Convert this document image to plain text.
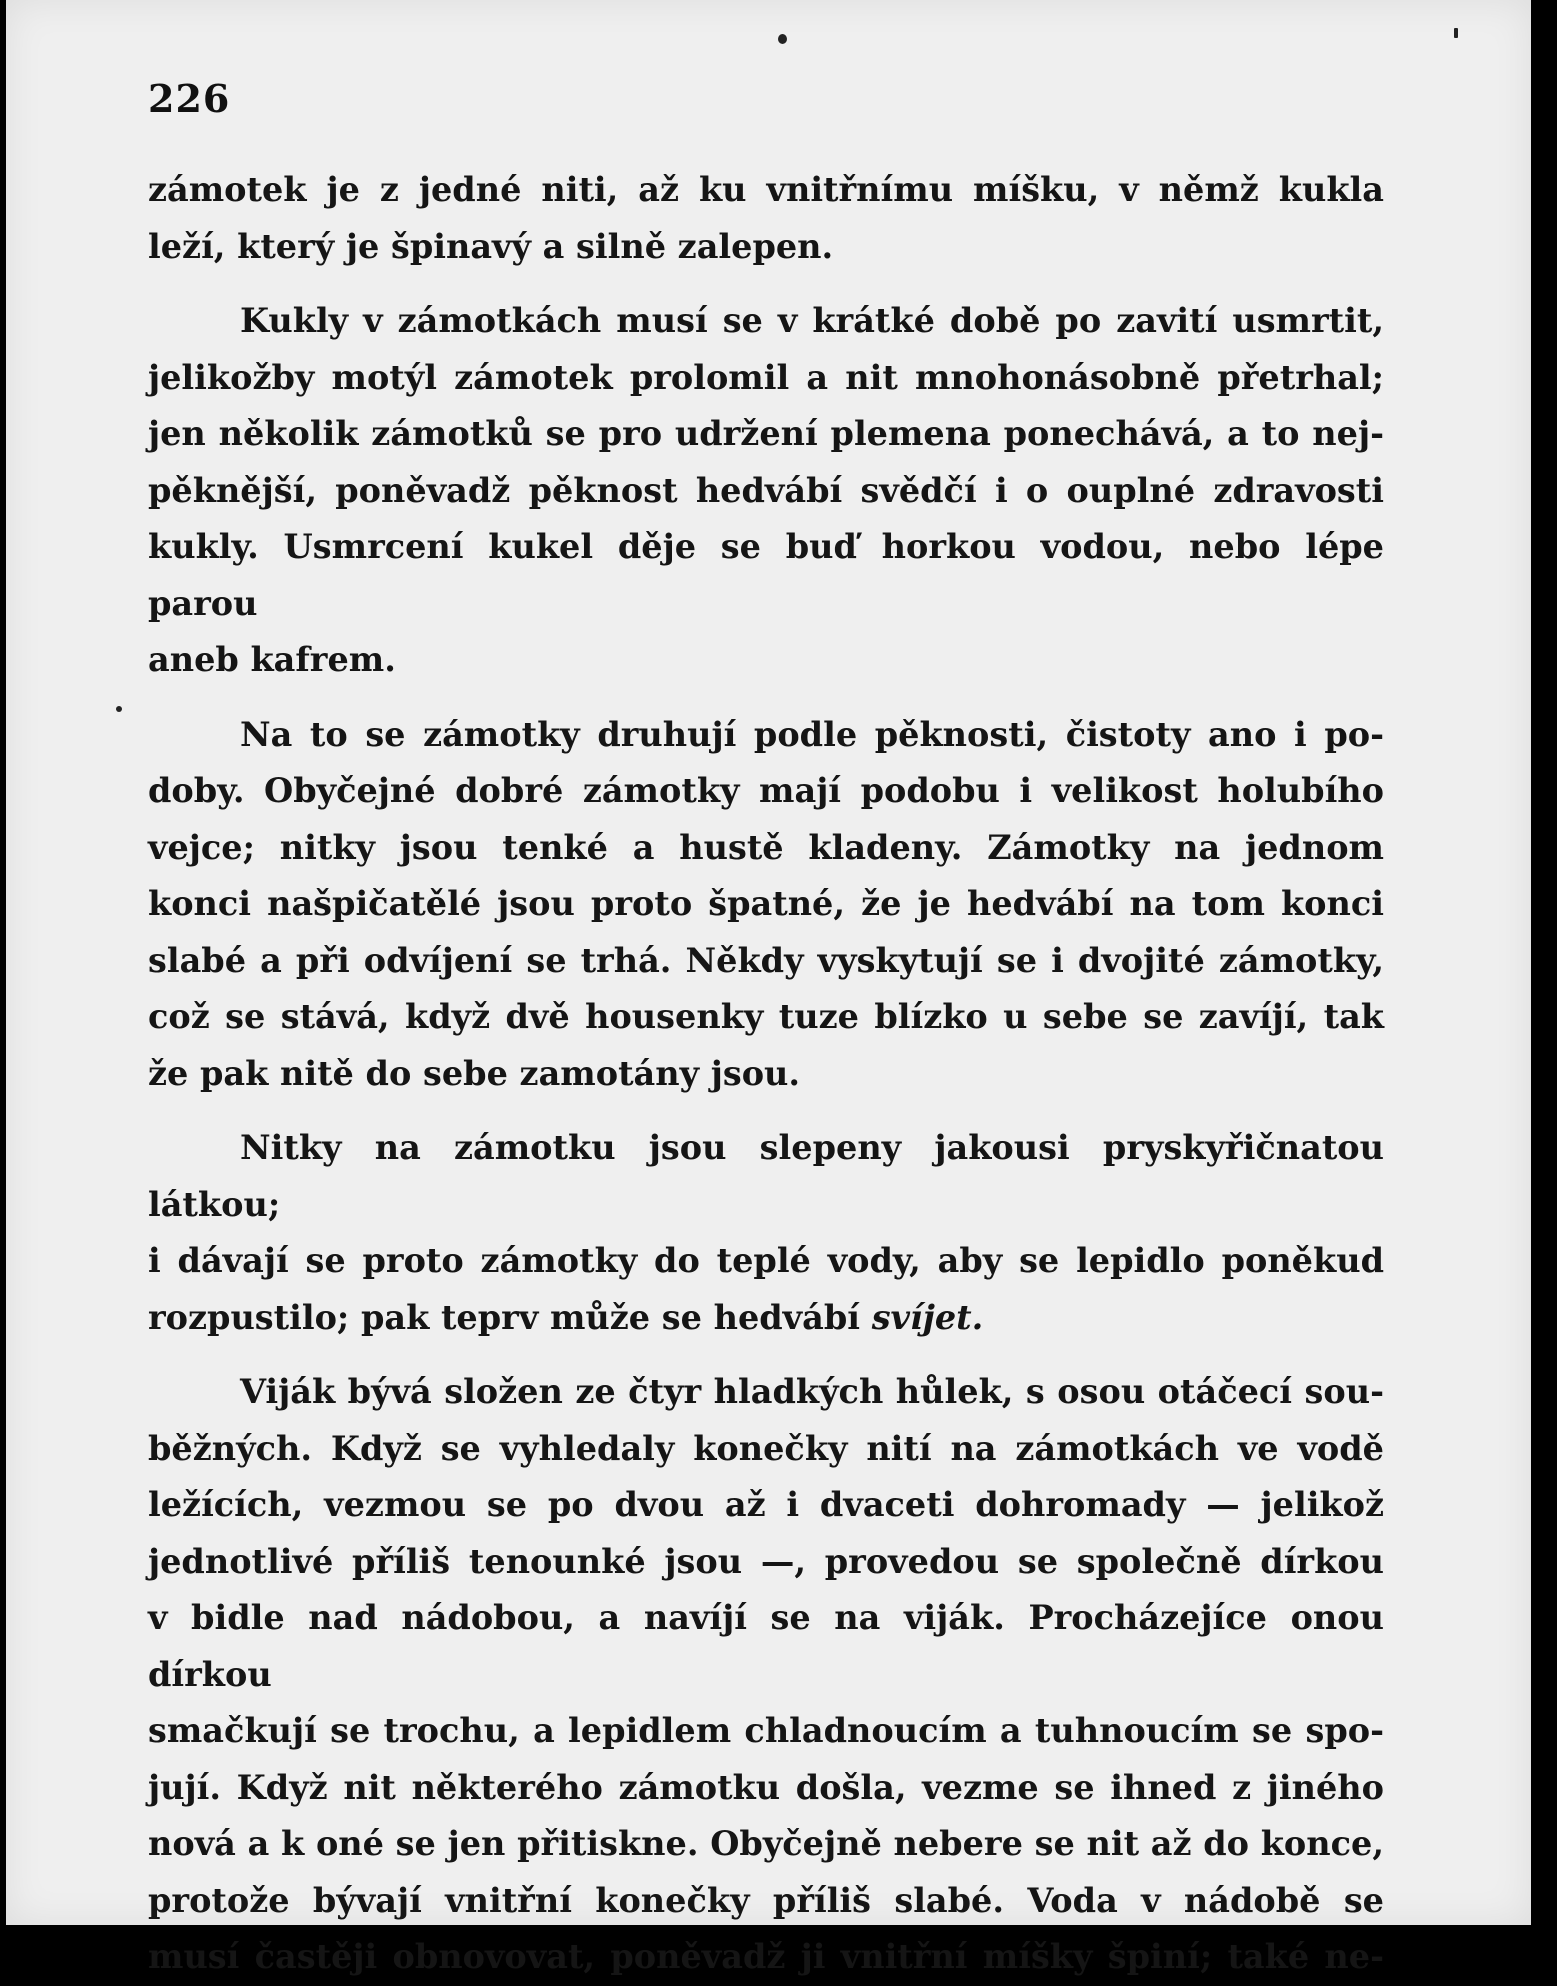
226

zámotek je z jedné niti, až ku vnitřnímu míšku, v němž kukla

leží, který je špinavý a silně zalepen.

Kukly v zámotkách musí se v krátké době po zavití usmrtit,

jelikožby motýl zámotek prolomil a nit mnohonásobně přetrhal;

jen několik zámotků se pro udržení plemena ponechává, a to nej-

pěknější, poněvadž pěknost hedvábí svědčí i o ouplné zdravosti

kukly. Usmrcení kukel děje se buď horkou vodou, nebo lépe parou

aneb kafrem.

Na to se zámotky druhují podle pěknosti, čistoty ano i po-

doby. Obyčejné dobré zámotky mají podobu i velikost holubího

vejce; nitky jsou tenké a hustě kladeny. Zámotky na jednom

konci našpičatělé jsou proto špatné, že je hedvábí na tom konci

slabé a při odvíjení se trhá. Někdy vyskytují se i dvojité zámotky,

což se stává, když dvě housenky tuze blízko u sebe se zavíjí, tak

že pak nitě do sebe zamotány jsou.

Nitky na zámotku jsou slepeny jakousi pryskyřičnatou látkou;

i dávají se proto zámotky do teplé vody, aby se lepidlo poněkud

rozpustilo; pak teprv může se hedvábí svíjet.

Viják bývá složen ze čtyr hladkých hůlek, s osou otáčecí sou-

běžných. Když se vyhledaly konečky nití na zámotkách ve vodě

ležících, vezmou se po dvou až i dvaceti dohromady — jelikož

jednotlivé příliš tenounké jsou —, provedou se společně dírkou

v bidle nad nádobou, a navíjí se na viják. Procházejíce onou dírkou

smačkují se trochu, a lepidlem chladnoucím a tuhnoucím se spo-

jují. Když nit některého zámotku došla, vezme se ihned z jiného

nová a k oné se jen přitiskne. Obyčejně nebere se nit až do konce,

protože bývají vnitřní konečky příliš slabé. Voda v nádobě se

musí častěji obnovovat, poněvadž ji vnitřní míšky špiní; také ne-
